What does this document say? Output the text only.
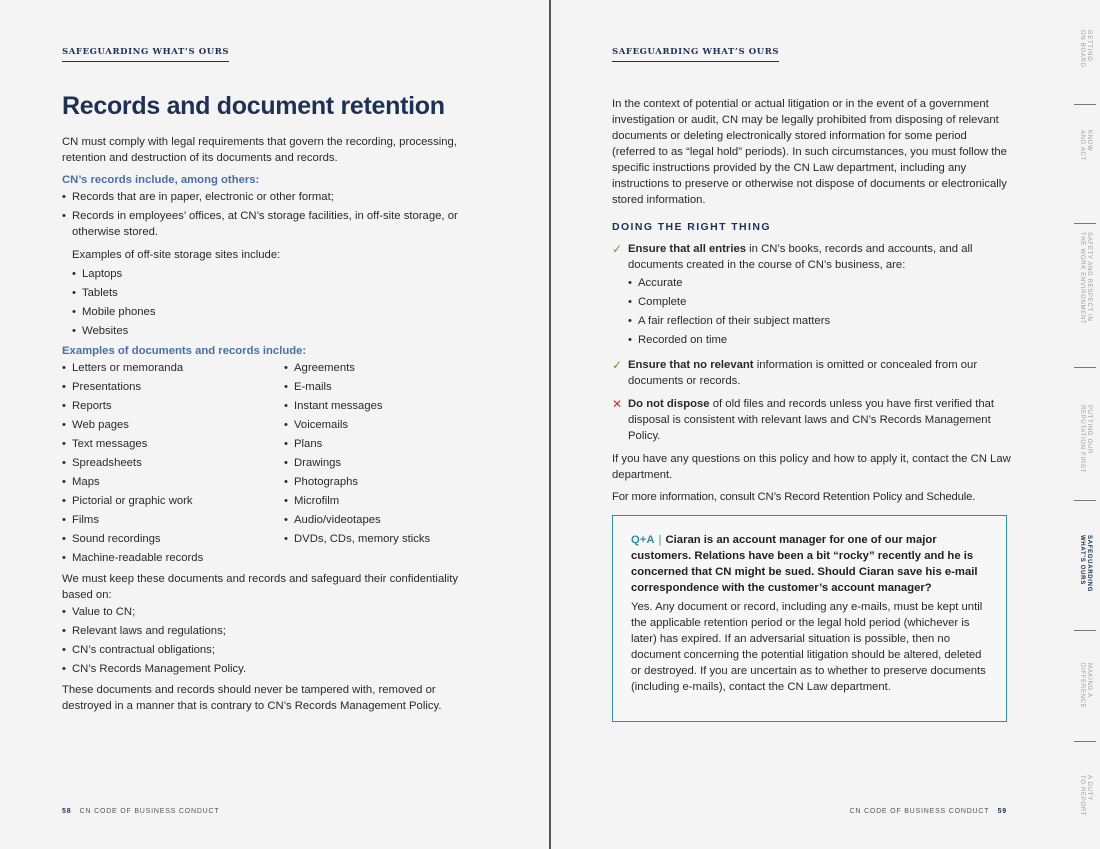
SAFEGUARDING WHAT’S OURS
Records and document retention

CN must comply with legal requirements that govern the recording, processing, retention and destruction of its documents and records.

CN’s records include, among others:

• Records that are in paper, electronic or other format;
• Records in employees’ offices, at CN’s storage facilities, in off-site storage, or otherwise stored.

Examples of off-site storage sites include:

• Laptops
• Tablets
• Mobile phones
• Websites

Examples of documents and records include:

• Letters or memoranda
• Presentations
• Reports
• Web pages
• Text messages
• Spreadsheets
• Maps
• Pictorial or graphic work
• Films
• Sound recordings
• Machine-readable records
• Agreements
• E-mails
• Instant messages
• Voicemails
• Plans
• Drawings
• Photographs
• Microfilm
• Audio/videotapes
• DVDs, CDs, memory sticks

We must keep these documents and records and safeguard their confidentiality based on:

• Value to CN;
• Relevant laws and regulations;
• CN’s contractual obligations;
• CN’s Records Management Policy.

These documents and records should never be tampered with, removed or destroyed in a manner that is contrary to CN’s Records Management Policy.

58 CN CODE OF BUSINESS CONDUCT
SAFEGUARDING WHAT’S OURS

In the context of potential or actual litigation or in the event of a government investigation or audit, CN may be legally prohibited from disposing of relevant documents or deleting electronically stored information for some period (referred to as “legal hold” periods). In such circumstances, you must follow the specific instructions provided by the CN Law department, including any instructions to preserve or otherwise not dispose of documents or electronically stored information.

DOING THE RIGHT THING

✓ Ensure that all entries in CN’s books, records and accounts, and all documents created in the course of CN’s business, are:

• Accurate
• Complete
• A fair reflection of their subject matters
• Recorded on time
✓ Ensure that no relevant information is omitted or concealed from our documents or records.

✕ Do not dispose of old files and records unless you have first verified that disposal is consistent with relevant laws and CN’s Records Management Policy.

If you have any questions on this policy and how to apply it, contact the CN Law department.

For more information, consult CN’s Record Retention Policy and Schedule.

Q+A | Ciaran is an account manager for one of our major customers. Relations have been a bit “rocky” recently and he is concerned that CN might be sued. Should Ciaran save his e-mail correspondence with the customer’s account manager?

Yes. Any document or record, including any e-mails, must be kept until the applicable retention period or the legal hold period (whichever is later) has expired. If an adversarial situation is possible, then no document concerning the potential litigation should be altered, deleted or destroyed. If you are uncertain as to whether to preserve documents (including e-mails), contact the CN Law department.

CN CODE OF BUSINESS CONDUCT 59
GETTING
ON BOARD
KNOW
AND ACT
SAFETY AND RESPECT IN
THE WORK ENVIRONMENT
PUTTING OUR
REPUTATION FIRST
SAFEGUARDING
WHAT’S OURS
MAKING A
DIFFERENCE
A DUTY
TO REPORT
